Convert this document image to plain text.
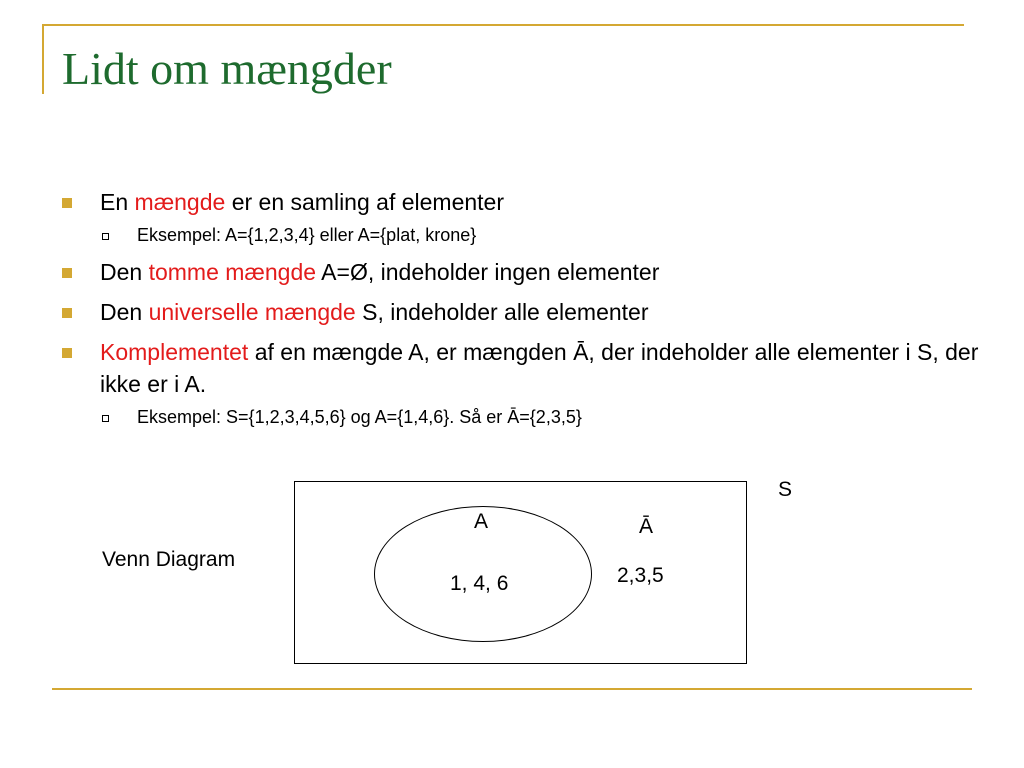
Lidt om mængder
En mængde er en samling af elementer
Eksempel: A={1,2,3,4} eller A={plat, krone}
Den tomme mængde A=Ø, indeholder ingen elementer
Den universelle mængde S, indeholder alle elementer
Komplementet af en mængde A, er mængden Ā, der indeholder alle elementer i S, der ikke er i A.
Eksempel: S={1,2,3,4,5,6} og A={1,4,6}. Så er Ā={2,3,5}
Venn Diagram
S
A
1, 4, 6
Ā
2,3,5
